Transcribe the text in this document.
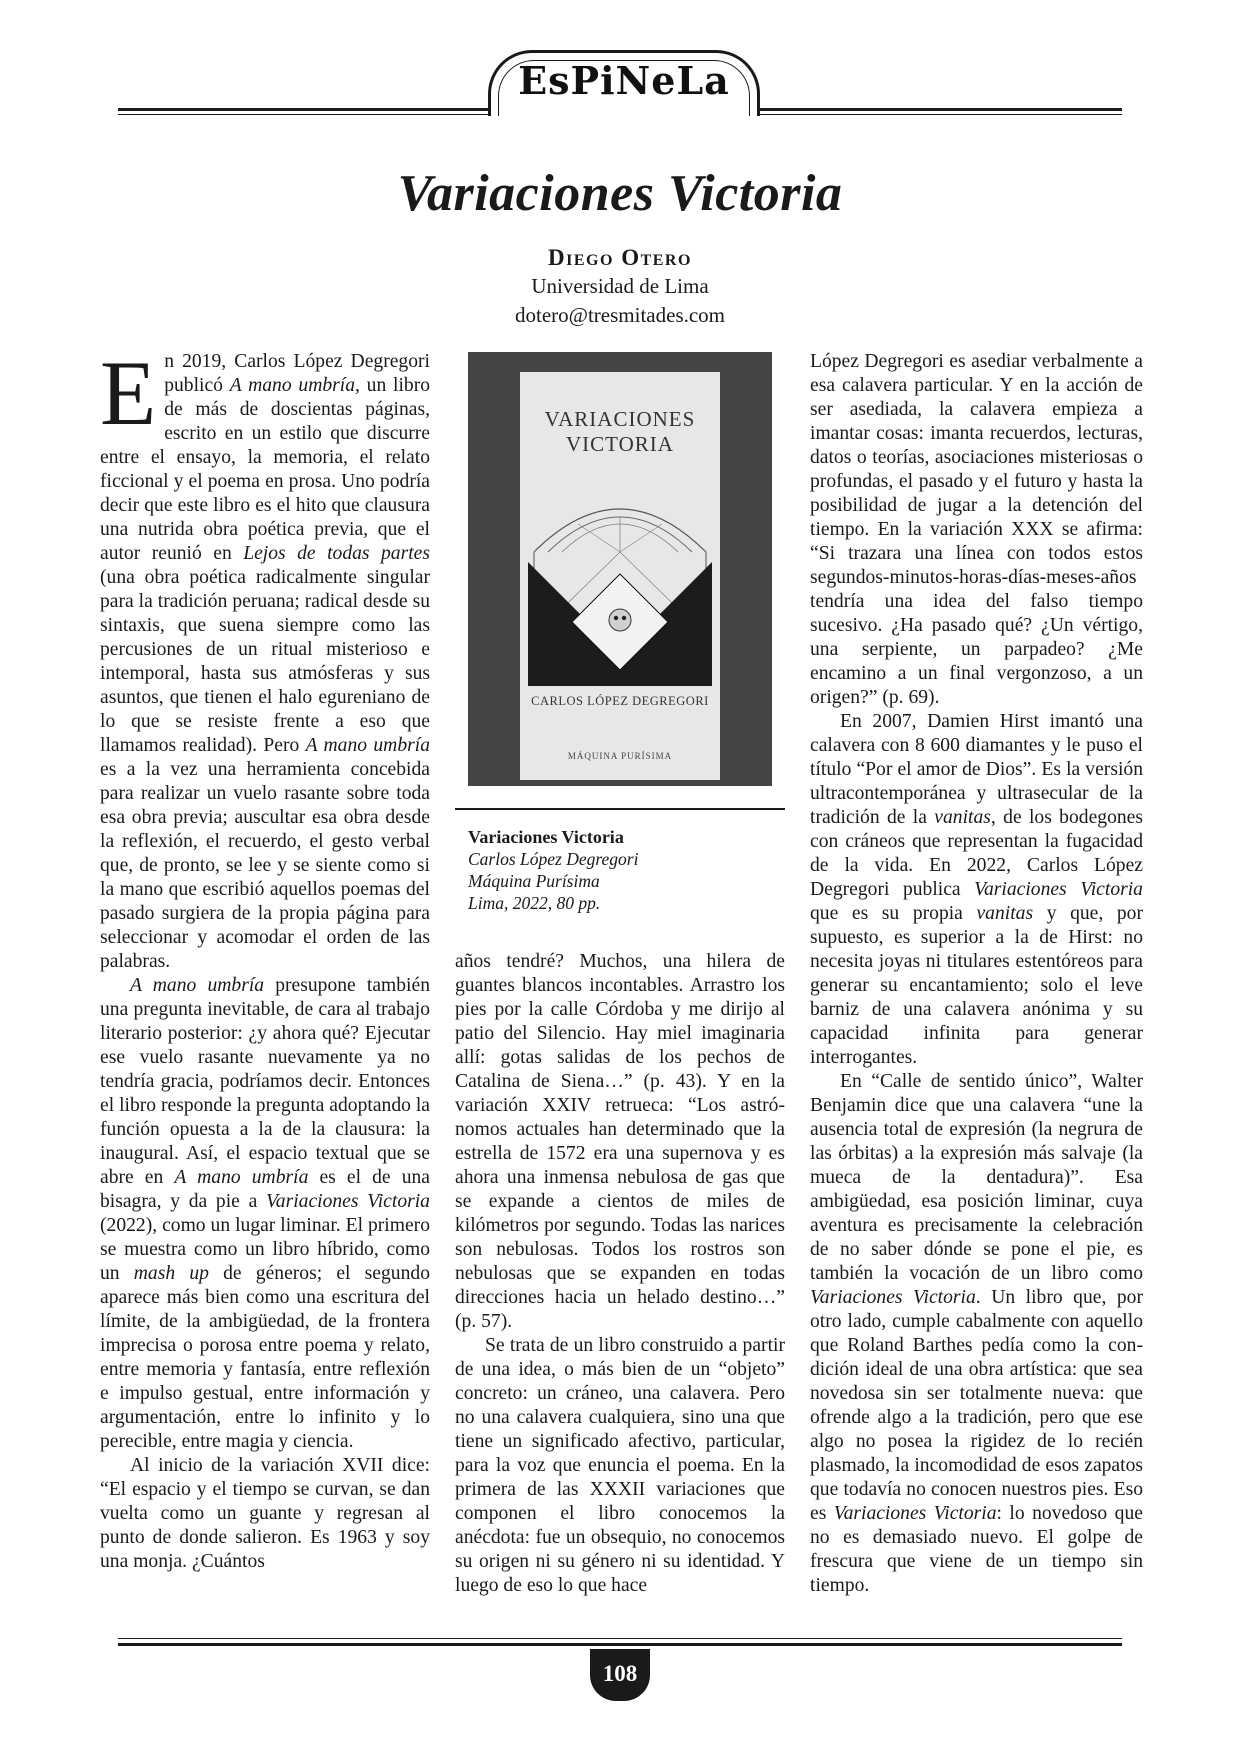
EsPiNeLa
Variaciones Victoria
Diego Otero
Universidad de Lima
dotero@tresmitades.com

En 2019, Carlos López Degregori publicó A mano umbría, un libro de más de doscientas páginas, escrito en un estilo que discurre entre el ensayo, la memoria, el relato ficcional y el poema en prosa. Uno podría decir que este libro es el hito que clausura una nutrida obra poética previa, que el autor reunió en Lejos de todas partes (una obra poética radicalmente singular para la tradición peruana; radical desde su sintaxis, que suena siempre como las percusiones de un ritual misterioso e intemporal, hasta sus atmósferas y sus asuntos, que tienen el halo egureniano de lo que se resiste frente a eso que llamamos realidad). Pero A mano umbría es a la vez una herramienta concebida para realizar un vuelo rasante sobre toda esa obra previa; auscultar esa obra desde la reflexión, el recuerdo, el gesto verbal que, de pronto, se lee y se siente como si la mano que escribió aquellos poemas del pasado surgiera de la propia página para seleccionar y acomodar el orden de las palabras.

A mano umbría presupone también una pregunta inevitable, de cara al trabajo literario posterior: ¿y ahora qué? Ejecutar ese vuelo rasante nuevamente ya no tendría gracia, podríamos decir. Entonces el libro responde la pregunta adoptando la función opuesta a la de la clausura: la inaugural. Así, el espacio textual que se abre en A mano umbría es el de una bisagra, y da pie a Variaciones Victoria (2022), como un lugar liminar. El primero se muestra como un libro híbrido, como un mash up de géneros; el segundo aparece más bien como una escritura del límite, de la ambigüedad, de la frontera imprecisa o porosa entre poema y relato, entre memoria y fantasía, entre reflexión e impulso gestual, entre información y argumentación, entre lo infinito y lo perecible, entre magia y ciencia.

Al inicio de la variación XVII dice: “El espacio y el tiempo se curvan, se dan vuelta como un guante y regresan al punto de donde salieron. Es 1963 y soy una monja. ¿Cuántos

VARIACIONES
VICTORIA
CARLOS LÓPEZ DEGREGORI
MÁQUINA PURÍSIMA
Variaciones Victoria
Carlos López Degregori
Máquina Purísima
Lima, 2022, 80 pp.

años tendré? Muchos, una hilera de guantes blancos incontables. Arrastro los pies por la calle Córdoba y me dirijo al patio del Silencio. Hay miel imaginaria allí: gotas salidas de los pechos de Catalina de Siena…” (p. 43). Y en la variación XXIV retrueca: “Los astrónomos actuales han determinado que la estrella de 1572 era una supernova y es ahora una inmensa nebulosa de gas que se expande a cientos de miles de kilómetros por segundo. Todas las narices son nebulosas. Todos los rostros son nebulosas que se expanden en todas direcciones hacia un helado destino…” (p. 57).

Se trata de un libro construido a partir de una idea, o más bien de un “objeto” concreto: un cráneo, una calavera. Pero no una calavera cualquiera, sino una que tiene un significado afectivo, particular, para la voz que enuncia el poema. En la primera de las XXXII variaciones que componen el libro conocemos la anécdota: fue un obsequio, no conocemos su origen ni su género ni su identidad. Y luego de eso lo que hace

López Degregori es asediar verbalmente a esa calavera particular. Y en la acción de ser asediada, la calavera empieza a imantar cosas: imanta recuerdos, lecturas, datos o teorías, asociaciones misteriosas o profundas, el pasado y el futuro y hasta la posibilidad de jugar a la detención del tiempo. En la variación XXX se afirma: “Si trazara una línea con todos estos segundos-minutos-horas-días-meses-años tendría una idea del falso tiempo sucesivo. ¿Ha pasado qué? ¿Un vértigo, una serpiente, un parpadeo? ¿Me encamino a un final vergonzoso, a un origen?” (p. 69).

En 2007, Damien Hirst imantó una calavera con 8 600 diamantes y le puso el título “Por el amor de Dios”. Es la versión ultracontemporánea y ultrasecular de la tradición de la vanitas, de los bodegones con cráneos que representan la fugacidad de la vida. En 2022, Carlos López Degregori publica Variaciones Victoria que es su propia vanitas y que, por supuesto, es superior a la de Hirst: no necesita joyas ni titulares estentóreos para generar su encantamiento; solo el leve barniz de una calavera anónima y su capacidad infinita para generar interrogantes.

En “Calle de sentido único”, Walter Benjamin dice que una calavera “une la ausencia total de expresión (la negrura de las órbitas) a la expresión más salvaje (la mueca de la dentadura)”. Esa ambigüedad, esa posición liminar, cuya aventura es precisamente la celebración de no saber dónde se pone el pie, es también la vocación de un libro como Variaciones Victoria. Un libro que, por otro lado, cumple cabalmente con aquello que Roland Barthes pedía como la condición ideal de una obra artística: que sea novedosa sin ser totalmente nueva: que ofrende algo a la tradición, pero que ese algo no posea la rigidez de lo recién plasmado, la incomodidad de esos zapatos que todavía no conocen nuestros pies. Eso es Variaciones Victoria: lo novedoso que no es demasiado nuevo. El golpe de frescura que viene de un tiempo sin tiempo.

108
